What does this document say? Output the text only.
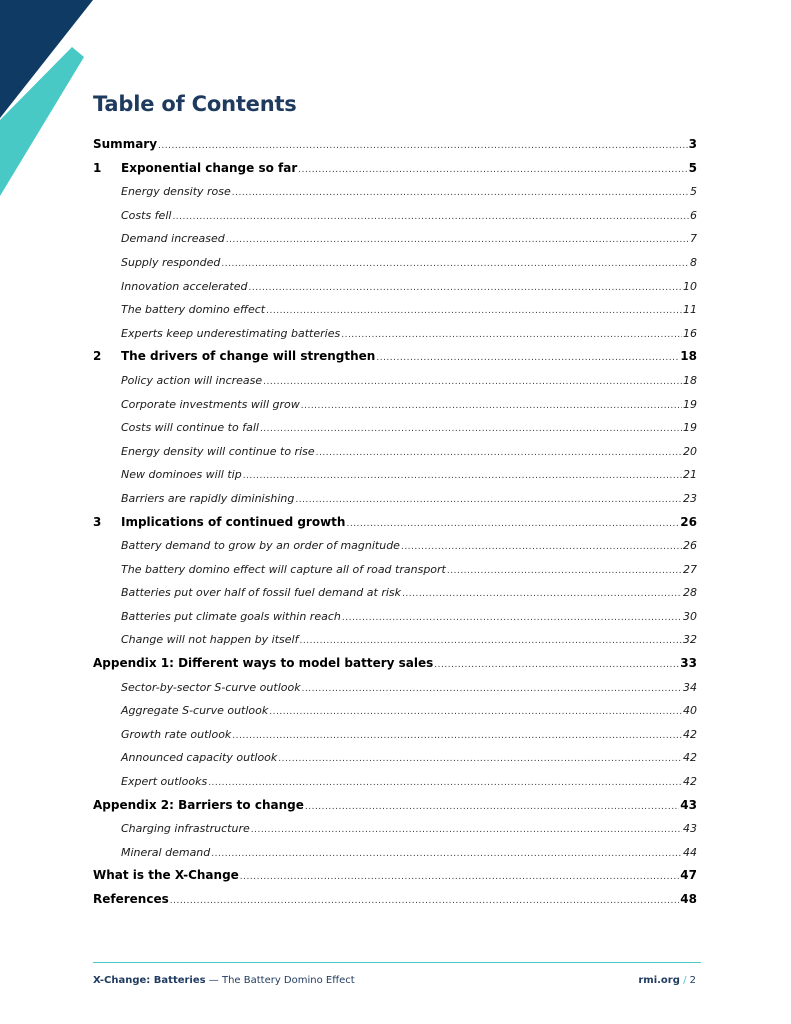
Table of Contents
Summary .....	3
1	Exponential change so far .....	5
Energy density rose .....	5
Costs fell .....	6
Demand increased .....	7
Supply responded .....	8
Innovation accelerated .....	10
The battery domino effect .....	11
Experts keep underestimating batteries .....	16
2	The drivers of change will strengthen .....	18
Policy action will increase .....	18
Corporate investments will grow .....	19
Costs will continue to fall .....	19
Energy density will continue to rise .....	20
New dominoes will tip .....	21
Barriers are rapidly diminishing .....	23
3	Implications of continued growth .....	26
Battery demand to grow by an order of magnitude .....	26
The battery domino effect will capture all of road transport .....	27
Batteries put over half of fossil fuel demand at risk .....	28
Batteries put climate goals within reach .....	30
Change will not happen by itself .....	32
Appendix 1: Different ways to model battery sales .....	33
Sector-by-sector S-curve outlook .....	34
Aggregate S-curve outlook .....	40
Growth rate outlook .....	42
Announced capacity outlook .....	42
Expert outlooks .....	42
Appendix 2: Barriers to change .....	43
Charging infrastructure .....	43
Mineral demand .....	44
What is the X-Change .....	47
References .....	48
X-Change: Batteries — The Battery Domino Effect	rmi.org / 2
